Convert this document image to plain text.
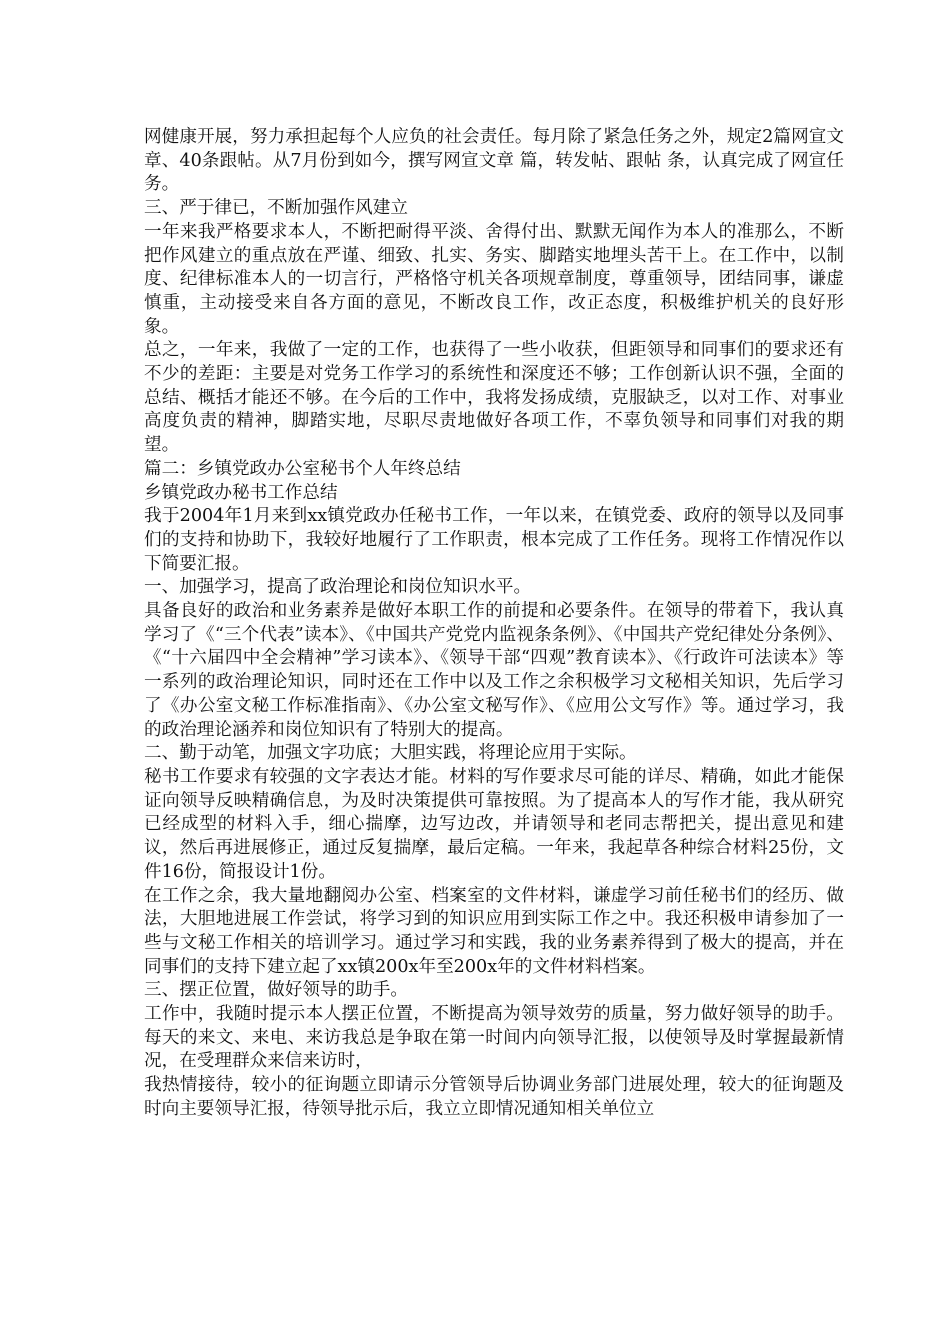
网健康开展，努力承担起每个人应负的社会责任。每月除了紧急任务之外，规定2篇网宣文章、40条跟帖。从7月份到如今，撰写网宣文章 篇，转发帖、跟帖 条，认真完成了网宣任务。

三、严于律已，不断加强作风建立

一年来我严格要求本人，不断把耐得平淡、舍得付出、默默无闻作为本人的准那么，不断把作风建立的重点放在严谨、细致、扎实、务实、脚踏实地埋头苦干上。在工作中，以制度、纪律标准本人的一切言行，严格恪守机关各项规章制度，尊重领导，团结同事，谦虚慎重，主动接受来自各方面的意见，不断改良工作，改正态度，积极维护机关的良好形象。

总之，一年来，我做了一定的工作，也获得了一些小收获，但距领导和同事们的要求还有不少的差距：主要是对党务工作学习的系统性和深度还不够；工作创新认识不强，全面的总结、概括才能还不够。在今后的工作中，我将发扬成绩，克服缺乏，以对工作、对事业高度负责的精神，脚踏实地，尽职尽责地做好各项工作，不辜负领导和同事们对我的期望。

篇二：乡镇党政办公室秘书个人年终总结

乡镇党政办秘书工作总结

我于2004年1月来到xx镇党政办任秘书工作，一年以来，在镇党委、政府的领导以及同事们的支持和协助下，我较好地履行了工作职责，根本完成了工作任务。现将工作情况作以下简要汇报。

一、加强学习，提高了政治理论和岗位知识水平。

具备良好的政治和业务素养是做好本职工作的前提和必要条件。在领导的带着下，我认真学习了《“三个代表”读本》、《中国共产党党内监视条条例》、《中国共产党纪律处分条例》、《“十六届四中全会精神”学习读本》、《领导干部“四观”教育读本》、《行政许可法读本》等一系列的政治理论知识，同时还在工作中以及工作之余积极学习文秘相关知识，先后学习了《办公室文秘工作标准指南》、《办公室文秘写作》、《应用公文写作》等。通过学习，我的政治理论涵养和岗位知识有了特别大的提高。

二、勤于动笔，加强文字功底；大胆实践，将理论应用于实际。

秘书工作要求有较强的文字表达才能。材料的写作要求尽可能的详尽、精确，如此才能保证向领导反映精确信息，为及时决策提供可靠按照。为了提高本人的写作才能，我从研究已经成型的材料入手，细心揣摩，边写边改，并请领导和老同志帮把关，提出意见和建议，然后再进展修正，通过反复揣摩，最后定稿。一年来，我起草各种综合材料25份，文件16份，简报设计1份。

在工作之余，我大量地翻阅办公室、档案室的文件材料，谦虚学习前任秘书们的经历、做法，大胆地进展工作尝试，将学习到的知识应用到实际工作之中。我还积极申请参加了一些与文秘工作相关的培训学习。通过学习和实践，我的业务素养得到了极大的提高，并在同事们的支持下建立起了xx镇200x年至200x年的文件材料档案。

三、摆正位置，做好领导的助手。

工作中，我随时提示本人摆正位置，不断提高为领导效劳的质量，努力做好领导的助手。每天的来文、来电、来访我总是争取在第一时间内向领导汇报，以使领导及时掌握最新情况，在受理群众来信来访时，

我热情接待，较小的征询题立即请示分管领导后协调业务部门进展处理，较大的征询题及时向主要领导汇报，待领导批示后，我立立即情况通知相关单位立
